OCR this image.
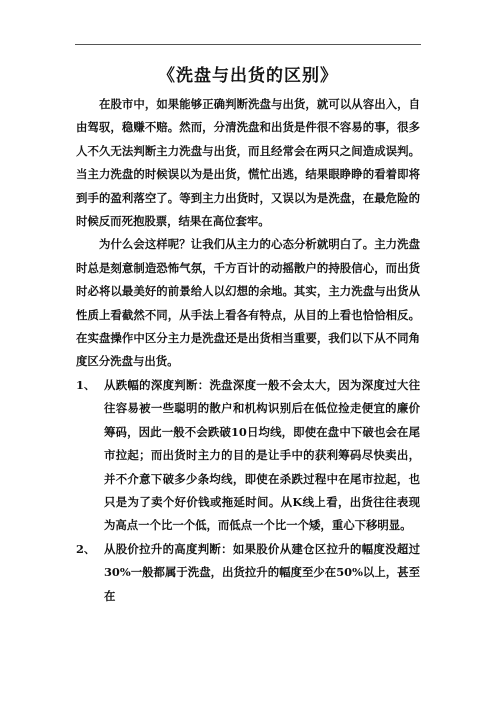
《洗盘与出货的区别》

在股市中，如果能够正确判断洗盘与出货，就可以从容出入，自由驾驭，稳赚不赔。然而，分清洗盘和出货是件很不容易的事，很多人不久无法判断主力洗盘与出货，而且经常会在两只之间造成误判。当主力洗盘的时候误以为是出货，慌忙出逃，结果眼睁睁的看着即将到手的盈利落空了。等到主力出货时，又误以为是洗盘，在最危险的时候反而死抱股票，结果在高位套牢。

为什么会这样呢？让我们从主力的心态分析就明白了。主力洗盘时总是刻意制造恐怖气氛，千方百计的动摇散户的持股信心，而出货时必将以最美好的前景给人以幻想的余地。其实，主力洗盘与出货从性质上看截然不同，从手法上看各有特点，从目的上看也恰恰相反。在实盘操作中区分主力是洗盘还是出货相当重要，我们以下从不同角度区分洗盘与出货。

1、 从跌幅的深度判断：洗盘深度一般不会太大，因为深度过大往往容易被一些聪明的散户和机构识别后在低位捡走便宜的廉价筹码，因此一般不会跌破10日均线，即使在盘中下破也会在尾市拉起；而出货时主力的目的是让手中的获利筹码尽快卖出，并不介意下破多少条均线，即使在杀跌过程中在尾市拉起，也只是为了卖个好价钱或拖延时间。从K线上看，出货往往表现为高点一个比一个低，而低点一个比一个矮，重心下移明显。

2、 从股价拉升的高度判断：如果股价从建仓区拉升的幅度没超过30%一般都属于洗盘，出货拉升的幅度至少在50%以上，甚至在
